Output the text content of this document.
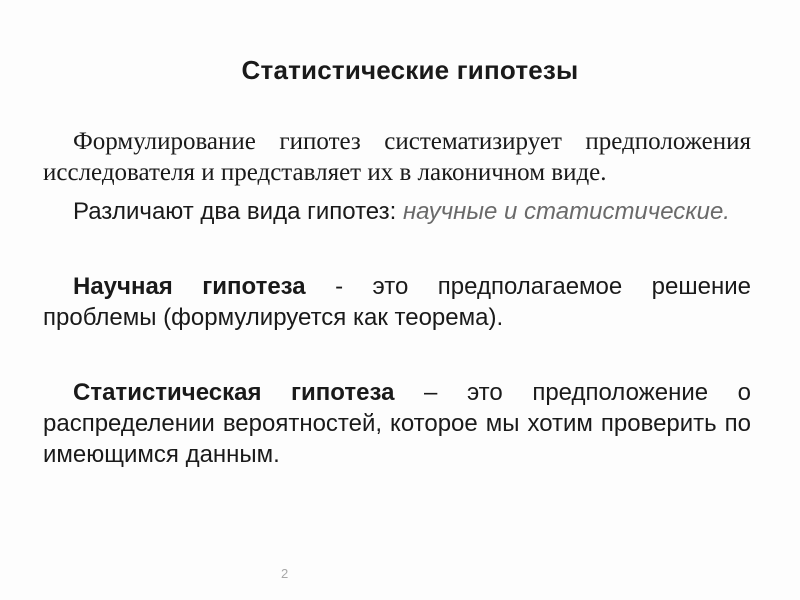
Статистические гипотезы

Формулирование гипотез систематизирует предположения исследователя и представляет их в лаконичном виде.

Различают два вида гипотез: научные и статистические.

Научная гипотеза - это предполагаемое решение проблемы (формулируется как теорема).

Статистическая гипотеза – это предположение о распределении вероятностей, которое мы хотим проверить по имеющимся данным.

2
